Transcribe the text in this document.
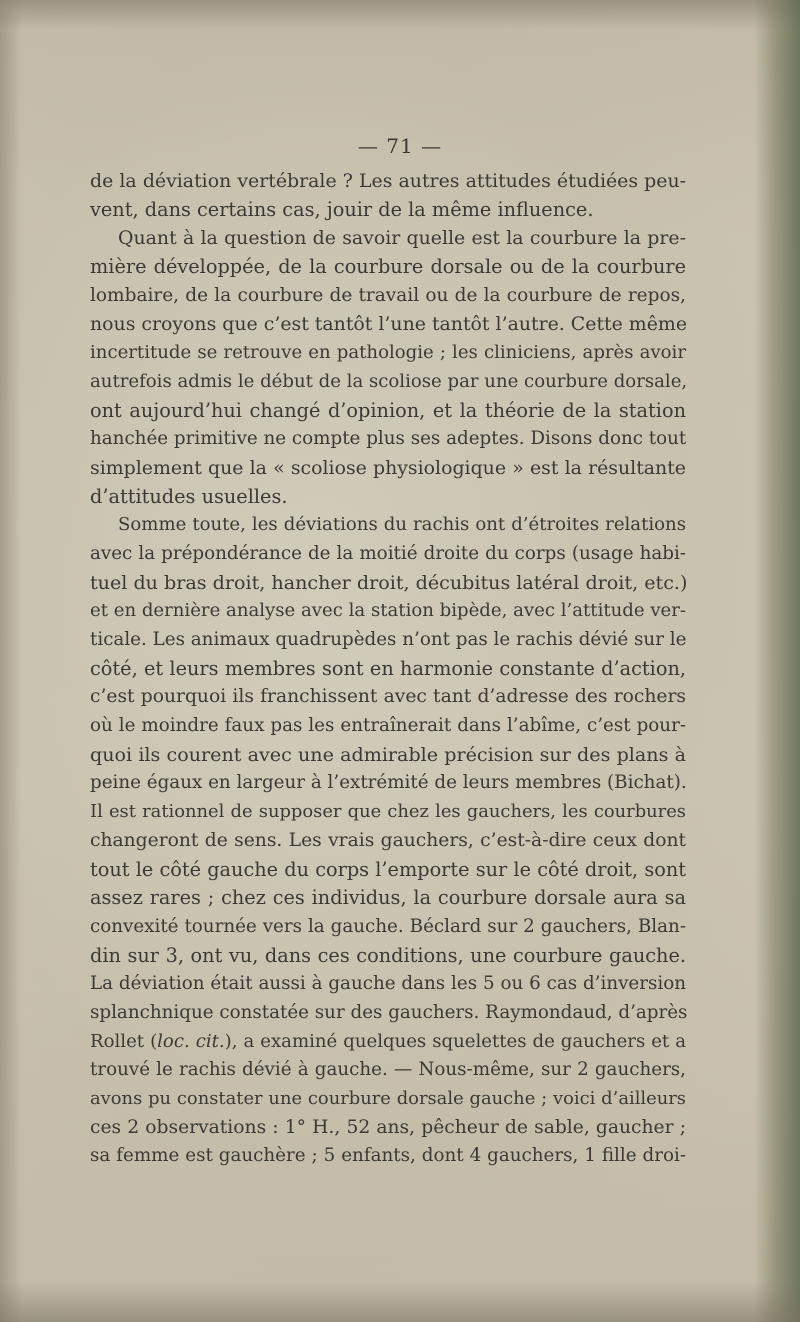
— 71 —
de la déviation vertébrale ? Les autres attitudes étudiées peu-
vent, dans certains cas, jouir de la même influence.
Quant à la question de savoir quelle est la courbure la pre-
mière développée, de la courbure dorsale ou de la courbure
lombaire, de la courbure de travail ou de la courbure de repos,
nous croyons que c’est tantôt l’une tantôt l’autre. Cette même
incertitude se retrouve en pathologie ; les cliniciens, après avoir
autrefois admis le début de la scoliose par une courbure dorsale,
ont aujourd’hui changé d’opinion, et la théorie de la station
hanchée primitive ne compte plus ses adeptes. Disons donc tout
simplement que la « scoliose physiologique » est la résultante
d’attitudes usuelles.
Somme toute, les déviations du rachis ont d’étroites relations
avec la prépondérance de la moitié droite du corps (usage habi-
tuel du bras droit, hancher droit, décubitus latéral droit, etc.)
et en dernière analyse avec la station bipède, avec l’attitude ver-
ticale. Les animaux quadrupèdes n’ont pas le rachis dévié sur le
côté, et leurs membres sont en harmonie constante d’action,
c’est pourquoi ils franchissent avec tant d’adresse des rochers
où le moindre faux pas les entraînerait dans l’abîme, c’est pour-
quoi ils courent avec une admirable précision sur des plans à
peine égaux en largeur à l’extrémité de leurs membres (Bichat).
Il est rationnel de supposer que chez les gauchers, les courbures
changeront de sens. Les vrais gauchers, c’est-à-dire ceux dont
tout le côté gauche du corps l’emporte sur le côté droit, sont
assez rares ; chez ces individus, la courbure dorsale aura sa
convexité tournée vers la gauche. Béclard sur 2 gauchers, Blan-
din sur 3, ont vu, dans ces conditions, une courbure gauche.
La déviation était aussi à gauche dans les 5 ou 6 cas d’inversion
splanchnique constatée sur des gauchers. Raymondaud, d’après
Rollet (loc. cit.), a examiné quelques squelettes de gauchers et a
trouvé le rachis dévié à gauche. — Nous-même, sur 2 gauchers,
avons pu constater une courbure dorsale gauche ; voici d’ailleurs
ces 2 observations : 1° H., 52 ans, pêcheur de sable, gaucher ;
sa femme est gauchère ; 5 enfants, dont 4 gauchers, 1 fille droi-
